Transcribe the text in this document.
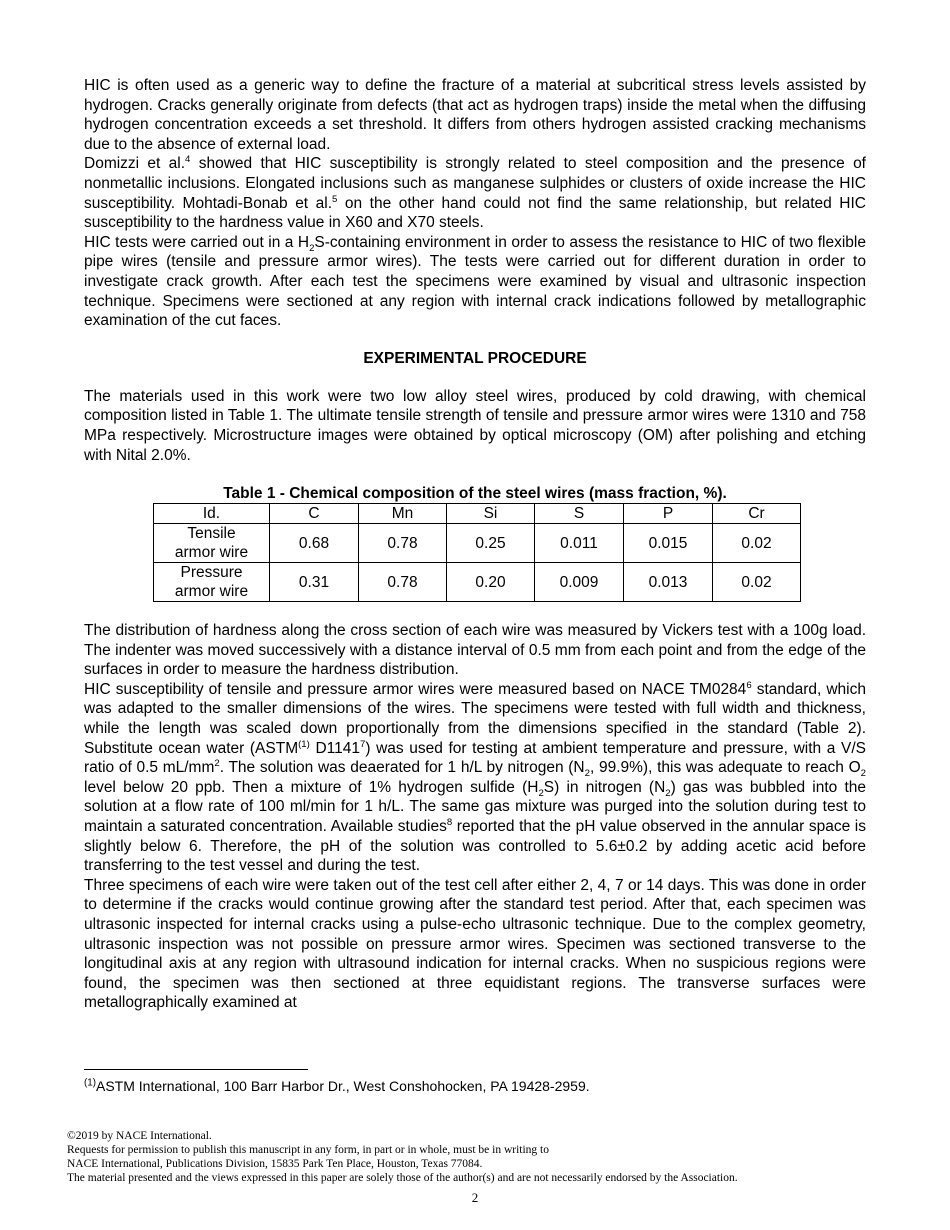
HIC is often used as a generic way to define the fracture of a material at subcritical stress levels assisted by hydrogen. Cracks generally originate from defects (that act as hydrogen traps) inside the metal when the diffusing hydrogen concentration exceeds a set threshold. It differs from others hydrogen assisted cracking mechanisms due to the absence of external load.

Domizzi et al.$^4$ showed that HIC susceptibility is strongly related to steel composition and the presence of nonmetallic inclusions. Elongated inclusions such as manganese sulphides or clusters of oxide increase the HIC susceptibility. Mohtadi-Bonab et al.$^5$ on the other hand could not find the same relationship, but related HIC susceptibility to the hardness value in X60 and X70 steels.

HIC tests were carried out in a $H_2S$-containing environment in order to assess the resistance to HIC of two flexible pipe wires (tensile and pressure armor wires). The tests were carried out for different duration in order to investigate crack growth. After each test the specimens were examined by visual and ultrasonic inspection technique. Specimens were sectioned at any region with internal crack indications followed by metallographic examination of the cut faces.

EXPERIMENTAL PROCEDURE

The materials used in this work were two low alloy steel wires, produced by cold drawing, with chemical composition listed in Table 1. The ultimate tensile strength of tensile and pressure armor wires were 1310 and 758 MPa respectively. Microstructure images were obtained by optical microscopy (OM) after polishing and etching with Nital 2.0%.

Table 1 - Chemical composition of the steel wires (mass fraction, %).
Id.	C	Mn	Si	S	P	Cr
Tensile
armor wire	0.68	0.78	0.25	0.011	0.015	0.02
Pressure
armor wire	0.31	0.78	0.20	0.009	0.013	0.02

The distribution of hardness along the cross section of each wire was measured by Vickers test with a 100g load. The indenter was moved successively with a distance interval of 0.5 mm from each point and from the edge of the surfaces in order to measure the hardness distribution.

HIC susceptibility of tensile and pressure armor wires were measured based on NACE TM0284$^6$ standard, which was adapted to the smaller dimensions of the wires. The specimens were tested with full width and thickness, while the length was scaled down proportionally from the dimensions specified in the standard (Table 2). Substitute ocean water (ASTM$^{(1)}$ D1141$^7$) was used for testing at ambient temperature and pressure, with a V/S ratio of 0.5 $mL/mm^2$. The solution was deaerated for 1 h/L by nitrogen ($N_2$, 99.9%), this was adequate to reach $O_2$ level below 20 ppb. Then a mixture of 1% hydrogen sulfide $(H_2S)$ in nitrogen $(N_2)$ gas was bubbled into the solution at a flow rate of 100 ml/min for 1 h/L. The same gas mixture was purged into the solution during test to maintain a saturated concentration. Available studies$^8$ reported that the pH value observed in the annular space is slightly below 6. Therefore, the pH of the solution was controlled to 5.6±0.2 by adding acetic acid before transferring to the test vessel and during the test.

Three specimens of each wire were taken out of the test cell after either 2, 4, 7 or 14 days. This was done in order to determine if the cracks would continue growing after the standard test period. After that, each specimen was ultrasonic inspected for internal cracks using a pulse-echo ultrasonic technique. Due to the complex geometry, ultrasonic inspection was not possible on pressure armor wires. Specimen was sectioned transverse to the longitudinal axis at any region with ultrasound indication for internal cracks. When no suspicious regions were found, the specimen was then sectioned at three equidistant regions. The transverse surfaces were metallographically examined at

$^{(1)}$ASTM International, 100 Barr Harbor Dr., West Conshohocken, PA 19428-2959.
©2019 by NACE International.
Requests for permission to publish this manuscript in any form, in part or in whole, must be in writing to
NACE International, Publications Division, 15835 Park Ten Place, Houston, Texas 77084.
The material presented and the views expressed in this paper are solely those of the author(s) and are not necessarily endorsed by the Association.
2
